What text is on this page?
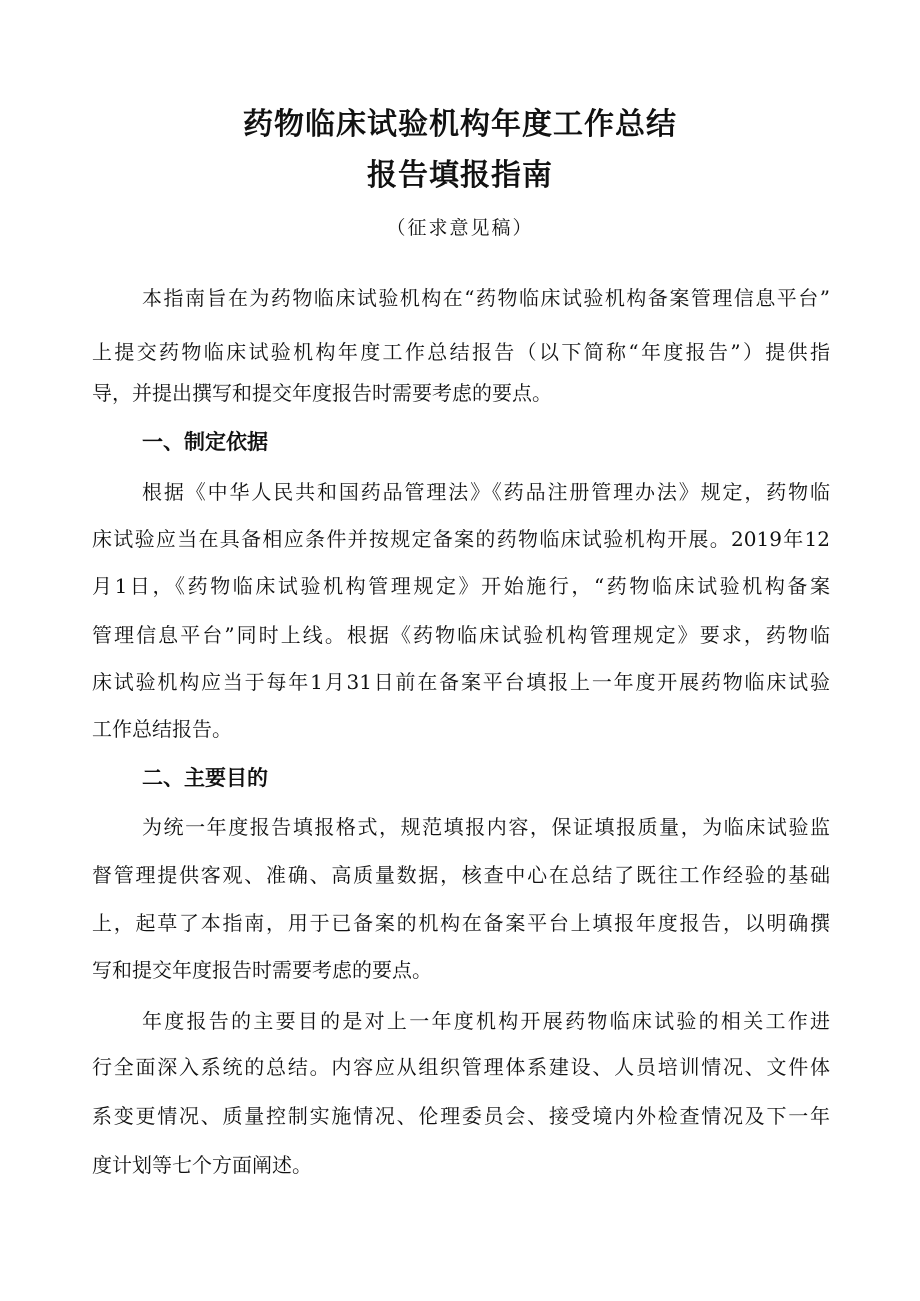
药物临床试验机构年度工作总结
报告填报指南
（征求意见稿）
本指南旨在为药物临床试验机构在“药物临床试验机构备案管理信息平台”
上提交药物临床试验机构年度工作总结报告（以下简称“年度报告”）提供指
导，并提出撰写和提交年度报告时需要考虑的要点。
一、制定依据
根据《中华人民共和国药品管理法》《药品注册管理办法》规定，药物临
床试验应当在具备相应条件并按规定备案的药物临床试验机构开展。2019年12
月1日，《药物临床试验机构管理规定》开始施行，“药物临床试验机构备案
管理信息平台”同时上线。根据《药物临床试验机构管理规定》要求，药物临
床试验机构应当于每年1月31日前在备案平台填报上一年度开展药物临床试验
工作总结报告。
二、主要目的
为统一年度报告填报格式，规范填报内容，保证填报质量，为临床试验监
督管理提供客观、准确、高质量数据，核查中心在总结了既往工作经验的基础
上，起草了本指南，用于已备案的机构在备案平台上填报年度报告，以明确撰
写和提交年度报告时需要考虑的要点。
年度报告的主要目的是对上一年度机构开展药物临床试验的相关工作进
行全面深入系统的总结。内容应从组织管理体系建设、人员培训情况、文件体
系变更情况、质量控制实施情况、伦理委员会、接受境内外检查情况及下一年
度计划等七个方面阐述。
